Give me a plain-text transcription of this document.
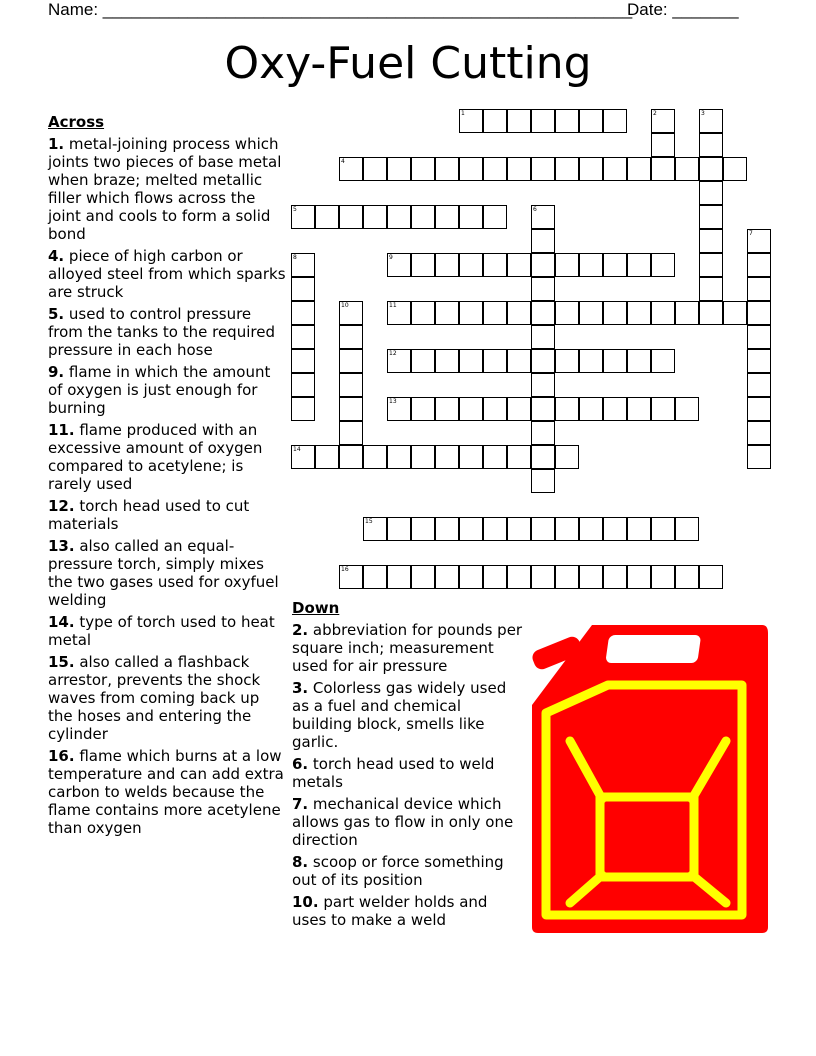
Name: ________________________________________________________
Date: _______
Oxy-Fuel Cutting
1	2	3
4
5	6
7
8	9
10	11
12
13
14
15
16
Across
1. metal-joining process which joints two pieces of base metal when braze; melted metallic filler which flows across the joint and cools to form a solid bond
4. piece of high carbon or alloyed steel from which sparks are struck
5. used to control pressure from the tanks to the required pressure in each hose
9. flame in which the amount of oxygen is just enough for burning
11. flame produced with an excessive amount of oxygen compared to acetylene; is rarely used
12. torch head used to cut materials
13. also called an equal-pressure torch, simply mixes the two gases used for oxyfuel welding
14. type of torch used to heat metal
15. also called a flashback arrestor, prevents the shock waves from coming back up the hoses and entering the cylinder
16. flame which burns at a low temperature and can add extra carbon to welds because the flame contains more acetylene than oxygen
Down
2. abbreviation for pounds per square inch; measurement used for air pressure
3. Colorless gas widely used as a fuel and chemical building block, smells like garlic.
6. torch head used to weld metals
7. mechanical device which allows gas to flow in only one direction
8. scoop or force something out of its position
10. part welder holds and uses to make a weld
